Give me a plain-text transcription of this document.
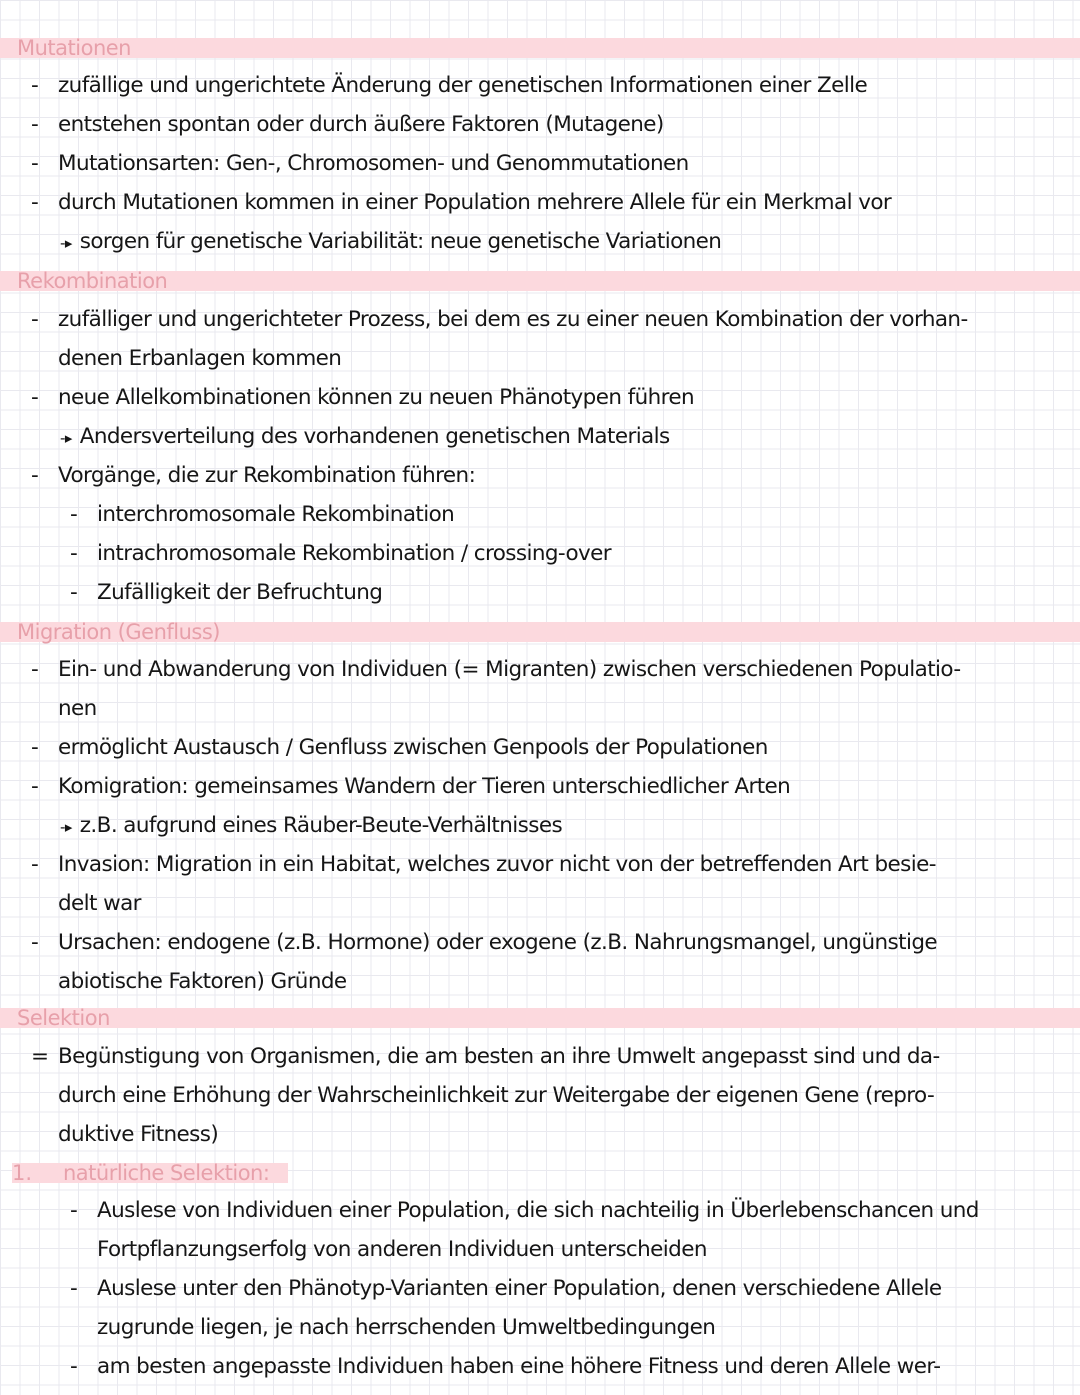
Mutationen
- zufällige und ungerichtete Änderung der genetischen Informationen einer Zelle
- entstehen spontan oder durch äußere Faktoren (Mutagene)
- Mutationsarten: Gen-, Chromosomen- und Genommutationen
- durch Mutationen kommen in einer Population mehrere Allele für ein Merkmal vor
-▸ sorgen für genetische Variabilität: neue genetische Variationen
Rekombination
- zufälliger und ungerichteter Prozess, bei dem es zu einer neuen Kombination der vorhan-
denen Erbanlagen kommen
- neue Allelkombinationen können zu neuen Phänotypen führen
-▸ Andersverteilung des vorhandenen genetischen Materials
- Vorgänge, die zur Rekombination führen:
- interchromosomale Rekombination
- intrachromosomale Rekombination / crossing-over
- Zufälligkeit der Befruchtung
Migration (Genfluss)
- Ein- und Abwanderung von Individuen (= Migranten) zwischen verschiedenen Populatio-
nen
- ermöglicht Austausch / Genfluss zwischen Genpools der Populationen
- Komigration: gemeinsames Wandern der Tieren unterschiedlicher Arten
-▸ z.B. aufgrund eines Räuber-Beute-Verhältnisses
- Invasion: Migration in ein Habitat, welches zuvor nicht von der betreffenden Art besie-
delt war
- Ursachen: endogene (z.B. Hormone) oder exogene (z.B. Nahrungsmangel, ungünstige
abiotische Faktoren) Gründe
Selektion
= Begünstigung von Organismen, die am besten an ihre Umwelt angepasst sind und da-
durch eine Erhöhung der Wahrscheinlichkeit zur Weitergabe der eigenen Gene (repro-
duktive Fitness)
1. natürliche Selektion:
- Auslese von Individuen einer Population, die sich nachteilig in Überlebenschancen und
Fortpflanzungserfolg von anderen Individuen unterscheiden
- Auslese unter den Phänotyp-Varianten einer Population, denen verschiedene Allele
zugrunde liegen, je nach herrschenden Umweltbedingungen
- am besten angepasste Individuen haben eine höhere Fitness und deren Allele wer-
